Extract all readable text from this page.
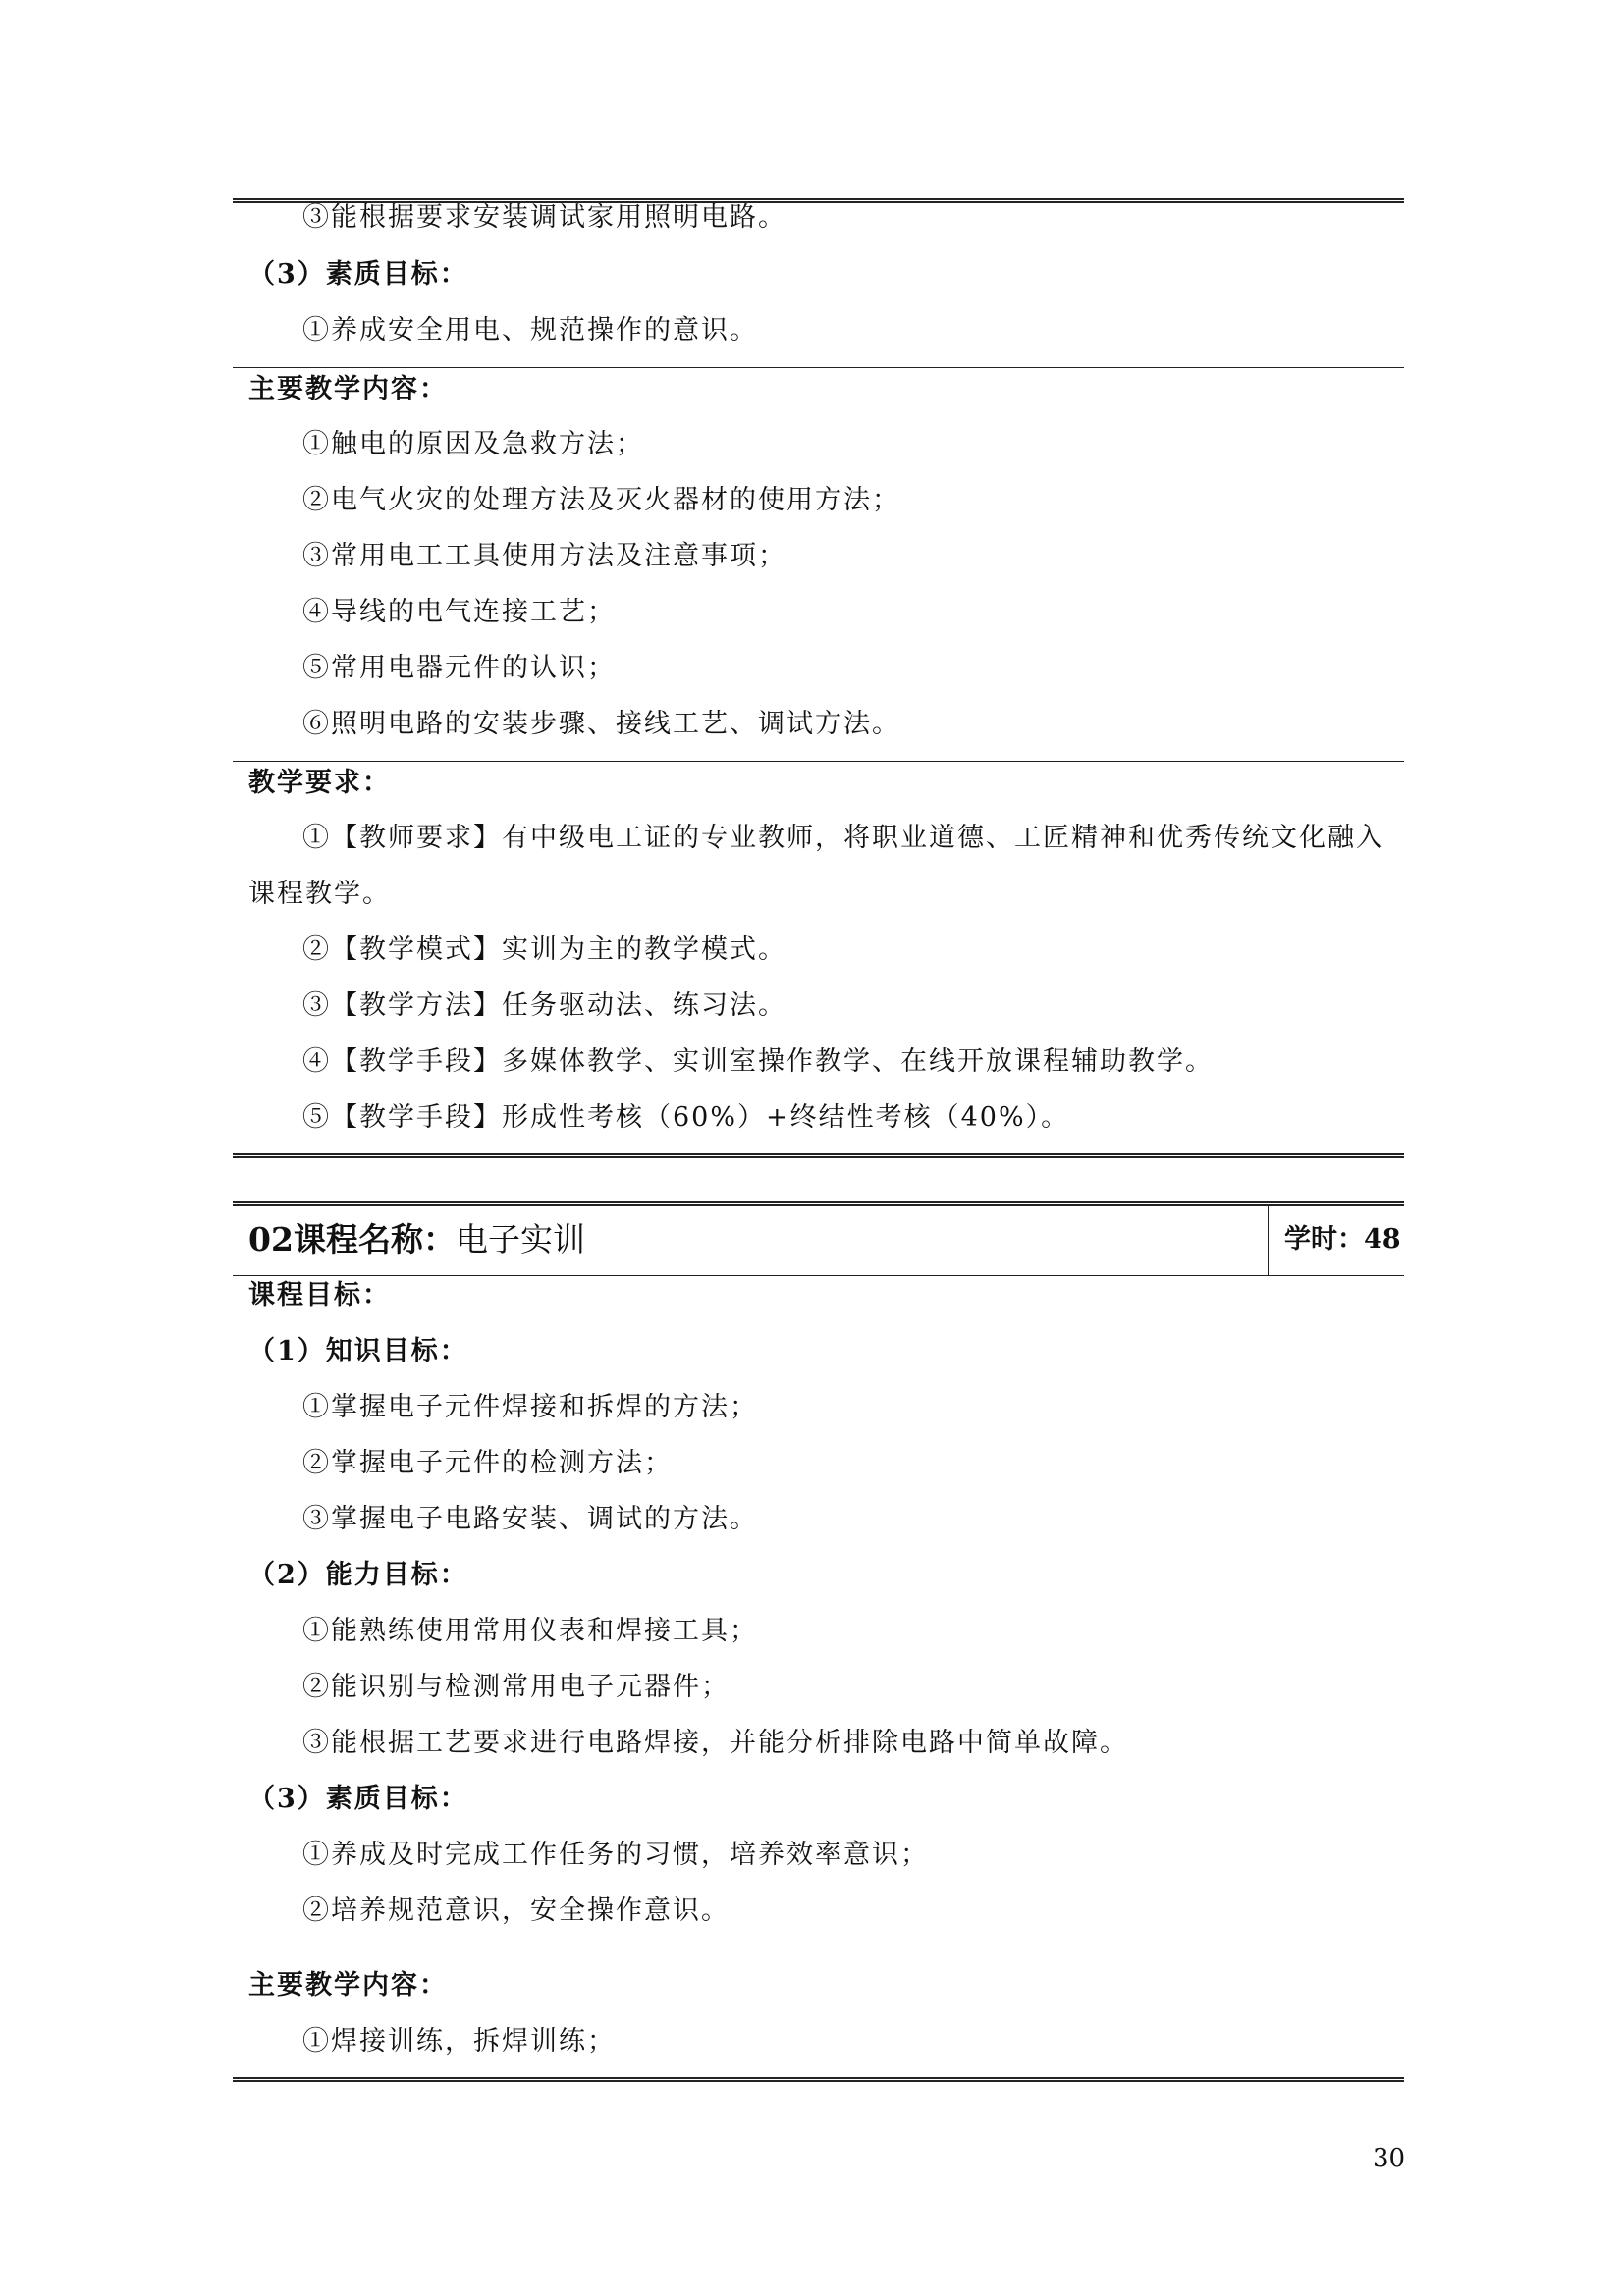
③能根据要求安装调试家用照明电路。
（3）素质目标：
①养成安全用电、规范操作的意识。
主要教学内容：
①触电的原因及急救方法；
②电气火灾的处理方法及灭火器材的使用方法；
③常用电工工具使用方法及注意事项；
④导线的电气连接工艺；
⑤常用电器元件的认识；
⑥照明电路的安装步骤、接线工艺、调试方法。
教学要求：
①【教师要求】有中级电工证的专业教师，将职业道德、工匠精神和优秀传统文化融入
课程教学。
②【教学模式】实训为主的教学模式。
③【教学方法】任务驱动法、练习法。
④【教学手段】多媒体教学、实训室操作教学、在线开放课程辅助教学。
⑤【教学手段】形成性考核（60%）+终结性考核（40%）。
02课程名称：电子实训	学时：48
课程目标：
（1）知识目标：
①掌握电子元件焊接和拆焊的方法；
②掌握电子元件的检测方法；
③掌握电子电路安装、调试的方法。
（2）能力目标：
①能熟练使用常用仪表和焊接工具；
②能识别与检测常用电子元器件；
③能根据工艺要求进行电路焊接，并能分析排除电路中简单故障。
（3）素质目标：
①养成及时完成工作任务的习惯，培养效率意识；
②培养规范意识，安全操作意识。
主要教学内容：
①焊接训练，拆焊训练；
30
